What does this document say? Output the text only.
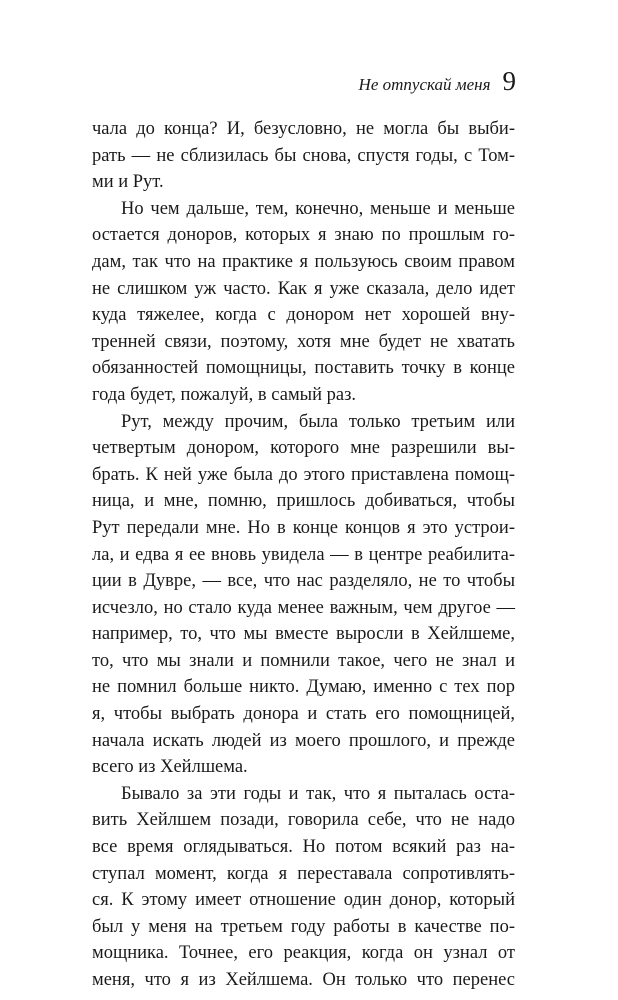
Не отпускай меня 9

чала до конца? И, безусловно, не могла бы выби-
рать — не сблизилась бы снова, спустя годы, с Том-
ми и Рут.

Но чем дальше, тем, конечно, меньше и меньше
остается доноров, которых я знаю по прошлым го-
дам, так что на практике я пользуюсь своим правом
не слишком уж часто. Как я уже сказала, дело идет
куда тяжелее, когда с донором нет хорошей вну-
тренней связи, поэтому, хотя мне будет не хватать
обязанностей помощницы, поставить точку в конце
года будет, пожалуй, в самый раз.

Рут, между прочим, была только третьим или
четвертым донором, которого мне разрешили вы-
брать. К ней уже была до этого приставлена помощ-
ница, и мне, помню, пришлось добиваться, чтобы
Рут передали мне. Но в конце концов я это устрои-
ла, и едва я ее вновь увидела — в центре реабилита-
ции в Дувре, — все, что нас разделяло, не то чтобы
исчезло, но стало куда менее важным, чем другое —
например, то, что мы вместе выросли в Хейлшеме,
то, что мы знали и помнили такое, чего не знал и
не помнил больше никто. Думаю, именно с тех пор
я, чтобы выбрать донора и стать его помощницей,
начала искать людей из моего прошлого, и прежде
всего из Хейлшема.

Бывало за эти годы и так, что я пыталась оста-
вить Хейлшем позади, говорила себе, что не надо
все время оглядываться. Но потом всякий раз на-
ступал момент, когда я переставала сопротивлять-
ся. К этому имеет отношение один донор, который
был у меня на третьем году работы в качестве по-
мощника. Точнее, его реакция, когда он узнал от
меня, что я из Хейлшема. Он только что перенес
